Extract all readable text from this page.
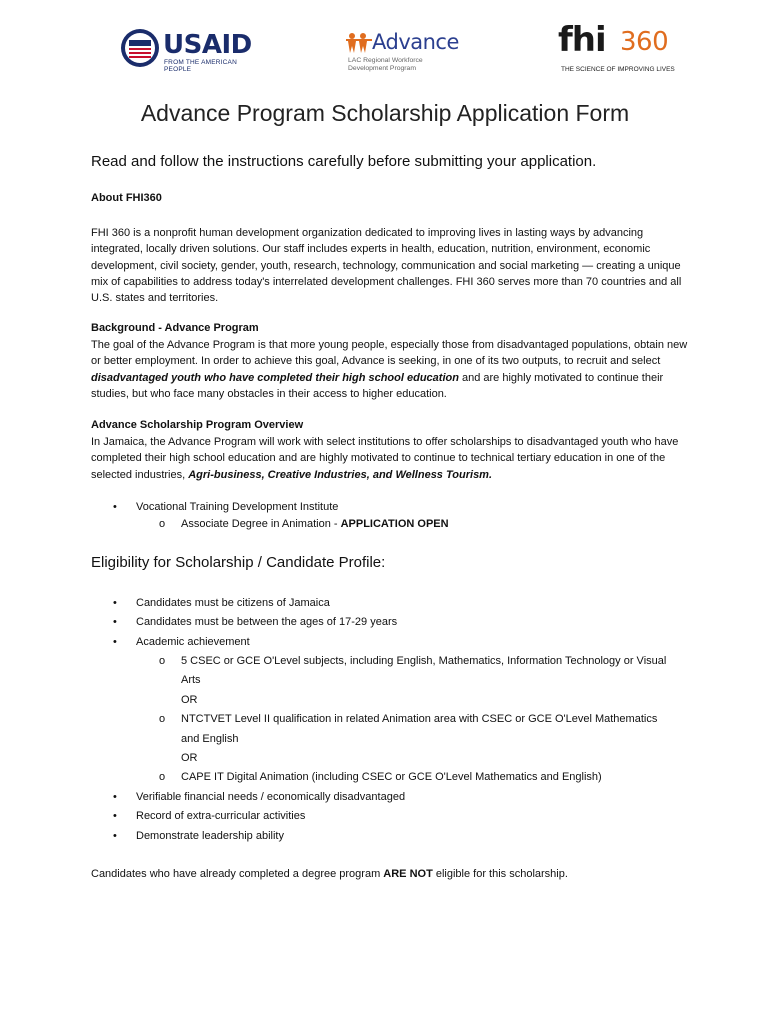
USAID
FROM THE AMERICAN PEOPLE
Advance
LAC Regional Workforce Development Program
fhi 360
THE SCIENCE OF IMPROVING LIVES
Advance Program Scholarship Application Form
Read and follow the instructions carefully before submitting your application.
About FHI360
FHI 360 is a nonprofit human development organization dedicated to improving lives in lasting ways by advancing integrated, locally driven solutions. Our staff includes experts in health, education, nutrition, environment, economic development, civil society, gender, youth, research, technology, communication and social marketing — creating a unique mix of capabilities to address today's interrelated development challenges. FHI 360 serves more than 70 countries and all U.S. states and territories.
Background - Advance Program
The goal of the Advance Program is that more young people, especially those from disadvantaged populations, obtain new or better employment. In order to achieve this goal, Advance is seeking, in one of its two outputs, to recruit and select disadvantaged youth who have completed their high school education and are highly motivated to continue their studies, but who face many obstacles in their access to higher education.
Advance Scholarship Program Overview
In Jamaica, the Advance Program will work with select institutions to offer scholarships to disadvantaged youth who have completed their high school education and are highly motivated to continue to technical tertiary education in one of the selected industries, Agri-business, Creative Industries, and Wellness Tourism.
• Vocational Training Development Institute
o Associate Degree in Animation - APPLICATION OPEN
Eligibility for Scholarship / Candidate Profile:
• Candidates must be citizens of Jamaica
• Candidates must be between the ages of 17-29 years
• Academic achievement
o 5 CSEC or GCE O'Level subjects, including English, Mathematics, Information Technology or Visual
Arts
OR
o NTCTVET Level II qualification in related Animation area with CSEC or GCE O'Level Mathematics
and English
OR
o CAPE IT Digital Animation (including CSEC or GCE O'Level Mathematics and English)
• Verifiable financial needs / economically disadvantaged
• Record of extra-curricular activities
• Demonstrate leadership ability
Candidates who have already completed a degree program ARE NOT eligible for this scholarship.
